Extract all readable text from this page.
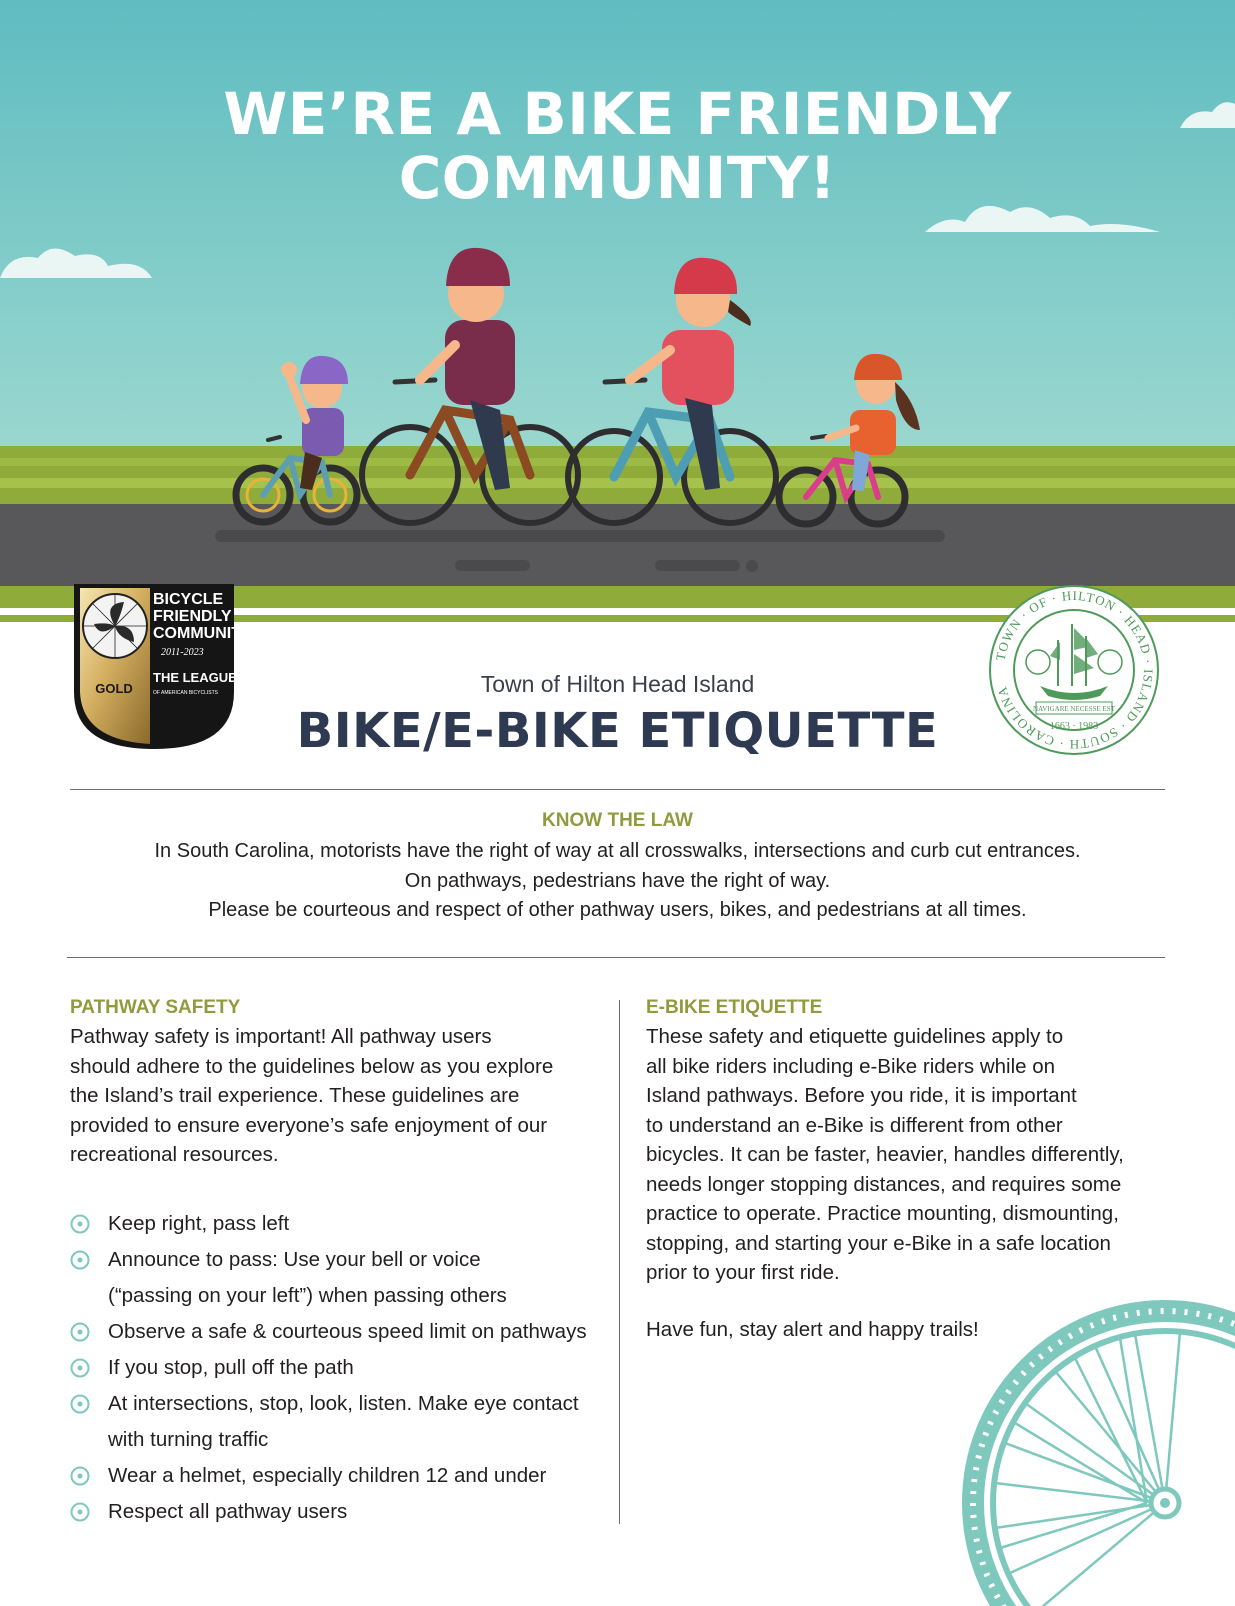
WE’RE A BIKE FRIENDLY
COMMUNITY!
GOLD
BICYCLE
FRIENDLY
COMMUNITY
2011-2023
THE LEAGUE
OF AMERICAN BICYCLISTS
TOWN · OF · HILTON · HEAD · ISLAND · SOUTH · CAROLINA
NAVIGARE NECESSE EST
1663 · 1983
Town of Hilton Head Island
BIKE/E-BIKE ETIQUETTE
KNOW THE LAW
In South Carolina, motorists have the right of way at all crosswalks, intersections and curb cut entrances.
On pathways, pedestrians have the right of way.
Please be courteous and respect of other pathway users, bikes, and pedestrians at all times.
PATHWAY SAFETY
Pathway safety is important! All pathway users
should adhere to the guidelines below as you explore
the Island’s trail experience. These guidelines are
provided to ensure everyone’s safe enjoyment of our
recreational resources.
Keep right, pass left
Announce to pass: Use your bell or voice (“passing on your left”) when passing others
Observe a safe & courteous speed limit on pathways
If you stop, pull off the path
At intersections, stop, look, listen. Make eye contact with turning traffic
Wear a helmet, especially children 12 and under
Respect all pathway users
E-BIKE ETIQUETTE
These safety and etiquette guidelines apply to
all bike riders including e-Bike riders while on
Island pathways. Before you ride, it is important
to understand an e-Bike is different from other
bicycles. It can be faster, heavier, handles differently,
needs longer stopping distances, and requires some
practice to operate. Practice mounting, dismounting,
stopping, and starting your e-Bike in a safe location
prior to your first ride.
Have fun, stay alert and happy trails!
